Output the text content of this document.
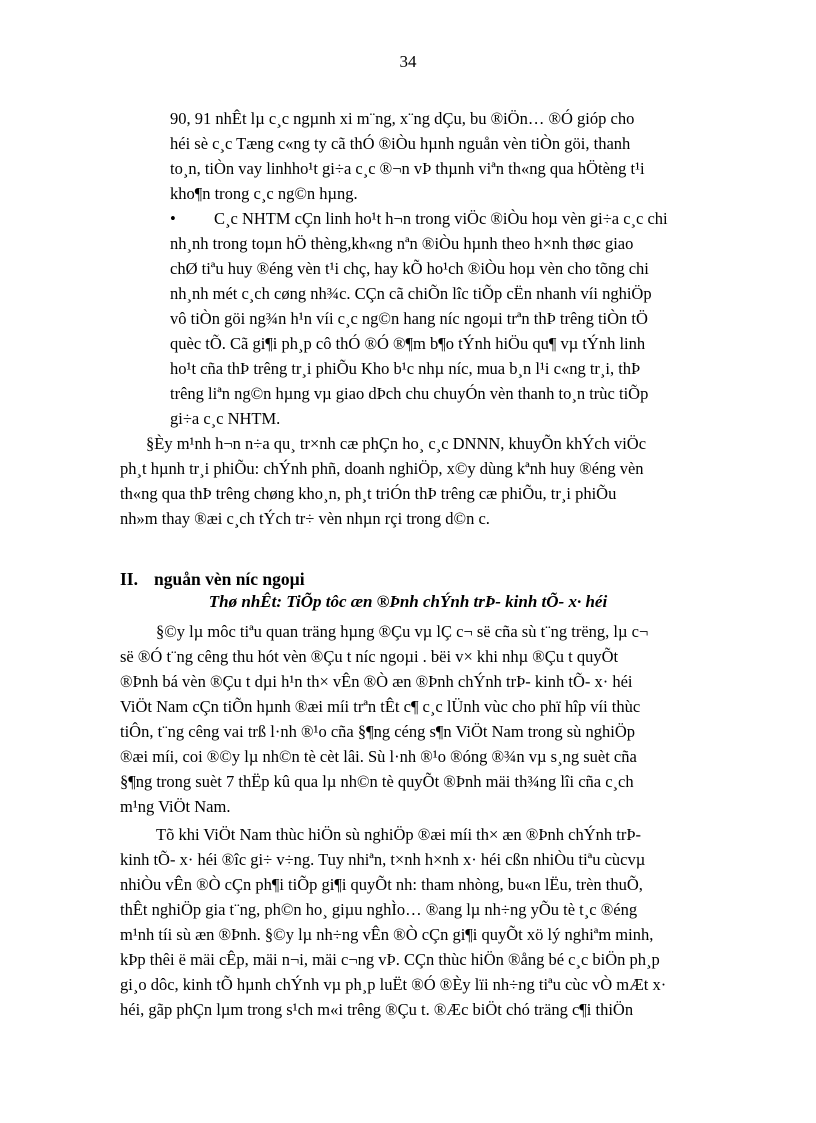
34
90, 91 nhÊt lµ c¸c ngµnh xi m¨ng, x¨ng dÇu, bu ®iÖn… ®Ó gióp cho
héi sè c¸c Tæng c«ng ty cã thÓ ®iÒu hµnh nguån vèn tiÒn göi, thanh
to¸n, tiÒn vay linhho¹t gi÷a c¸c ®¬n vÞ thµnh viªn th«ng qua hÖtèng t¹i
kho¶n trong c¸c ng©n hµng.
• C¸c NHTM cÇn linh ho¹t h¬n trong viÖc ®iÒu hoµ vèn gi÷a c¸c chi
nh¸nh trong toµn hÖ thèng,kh«ng nªn ®iÒu hµnh theo h×nh thøc giao
chØ tiªu huy ®éng vèn t¹i chç, hay kÕ ho¹ch ®iÒu hoµ vèn cho tõng chi
nh¸nh mét c¸ch cøng nh¾c. CÇn cã chiÕn lîc tiÕp cËn nhanh víi nghiÖp
vô tiÒn göi ng¾n h¹n víi c¸c ng©n hang níc ngoµi trªn thÞ trêng tiÒn tÖ
quèc tÕ. Cã gi¶i ph¸p cô thÓ ®Ó ®¶m b¶o tÝnh hiÖu qu¶ vµ tÝnh linh
ho¹t cña thÞ trêng tr¸i phiÕu Kho b¹c nhµ níc, mua b¸n l¹i c«ng tr¸i, thÞ
trêng liªn ng©n hµng vµ giao dÞch chu chuyÓn vèn thanh to¸n trùc tiÕp
gi÷a c¸c NHTM.
§Èy m¹nh h¬n n÷a qu¸ tr×nh cæ phÇn ho¸ c¸c DNNN, khuyÕn khÝch viÖc
ph¸t hµnh tr¸i phiÕu: chÝnh phñ, doanh nghiÖp, x©y dùng kªnh huy ®éng vèn
th«ng qua thÞ trêng chøng kho¸n, ph¸t triÓn thÞ trêng cæ phiÕu, tr¸i phiÕu
nh»m thay ®æi c¸ch tÝch tr÷ vèn nhµn rçi trong d©n c.
II. nguån vèn níc ngoµi
Thø nhÊt: TiÕp tôc æn ®Þnh chÝnh trÞ- kinh tÕ- x· héi
§©y lµ môc tiªu quan träng hµng ®Çu vµ lÇ c¬ së cña sù t¨ng trëng, lµ c¬
së ®Ó t¨ng cêng thu hót vèn ®Çu t níc ngoµi . bëi v× khi nhµ ®Çu t quyÕt
®Þnh bá vèn ®Çu t dµi h¹n th× vÊn ®Ò æn ®Þnh chÝnh trÞ- kinh tÕ- x· héi
ViÖt Nam cÇn tiÕn hµnh ®æi míi trªn tÊt c¶ c¸c lÜnh vùc cho phï hîp víi thùc
tiÔn, t¨ng cêng vai trß l·nh ®¹o cña §¶ng céng s¶n ViÖt Nam trong sù nghiÖp
®æi míi, coi ®©y lµ nh©n tè cèt lâi. Sù l·nh ®¹o ®óng ®¾n vµ s¸ng suèt cña
§¶ng trong suèt 7 thËp kû qua lµ nh©n tè quyÕt ®Þnh mäi th¾ng lîi cña c¸ch
m¹ng ViÖt Nam.
Tõ khi ViÖt Nam thùc hiÖn sù nghiÖp ®æi míi th× æn ®Þnh chÝnh trÞ-
kinh tÕ- x· héi ®îc gi÷ v÷ng. Tuy nhiªn, t×nh h×nh x· héi cßn nhiÒu tiªu cùcvµ
nhiÒu vÊn ®Ò cÇn ph¶i tiÕp gi¶i quyÕt nh: tham nhòng, bu«n lËu, trèn thuÕ,
thÊt nghiÖp gia t¨ng, ph©n ho¸ giµu nghÌo… ®ang lµ nh÷ng yÕu tè t¸c ®éng
m¹nh tíi sù æn ®Þnh. §©y lµ nh÷ng vÊn ®Ò cÇn gi¶i quyÕt xö lý nghiªm minh,
kÞp thêi ë mäi cÊp, mäi n¬i, mäi c¬ng vÞ. CÇn thùc hiÖn ®ång bé c¸c biÖn ph¸p
gi¸o dôc, kinh tÕ hµnh chÝnh vµ ph¸p luËt ®Ó ®Èy lïi nh÷ng tiªu cùc vÒ mÆt x·
héi, gãp phÇn lµm trong s¹ch m«i trêng ®Çu t. ®Æc biÖt chó träng c¶i thiÖn
